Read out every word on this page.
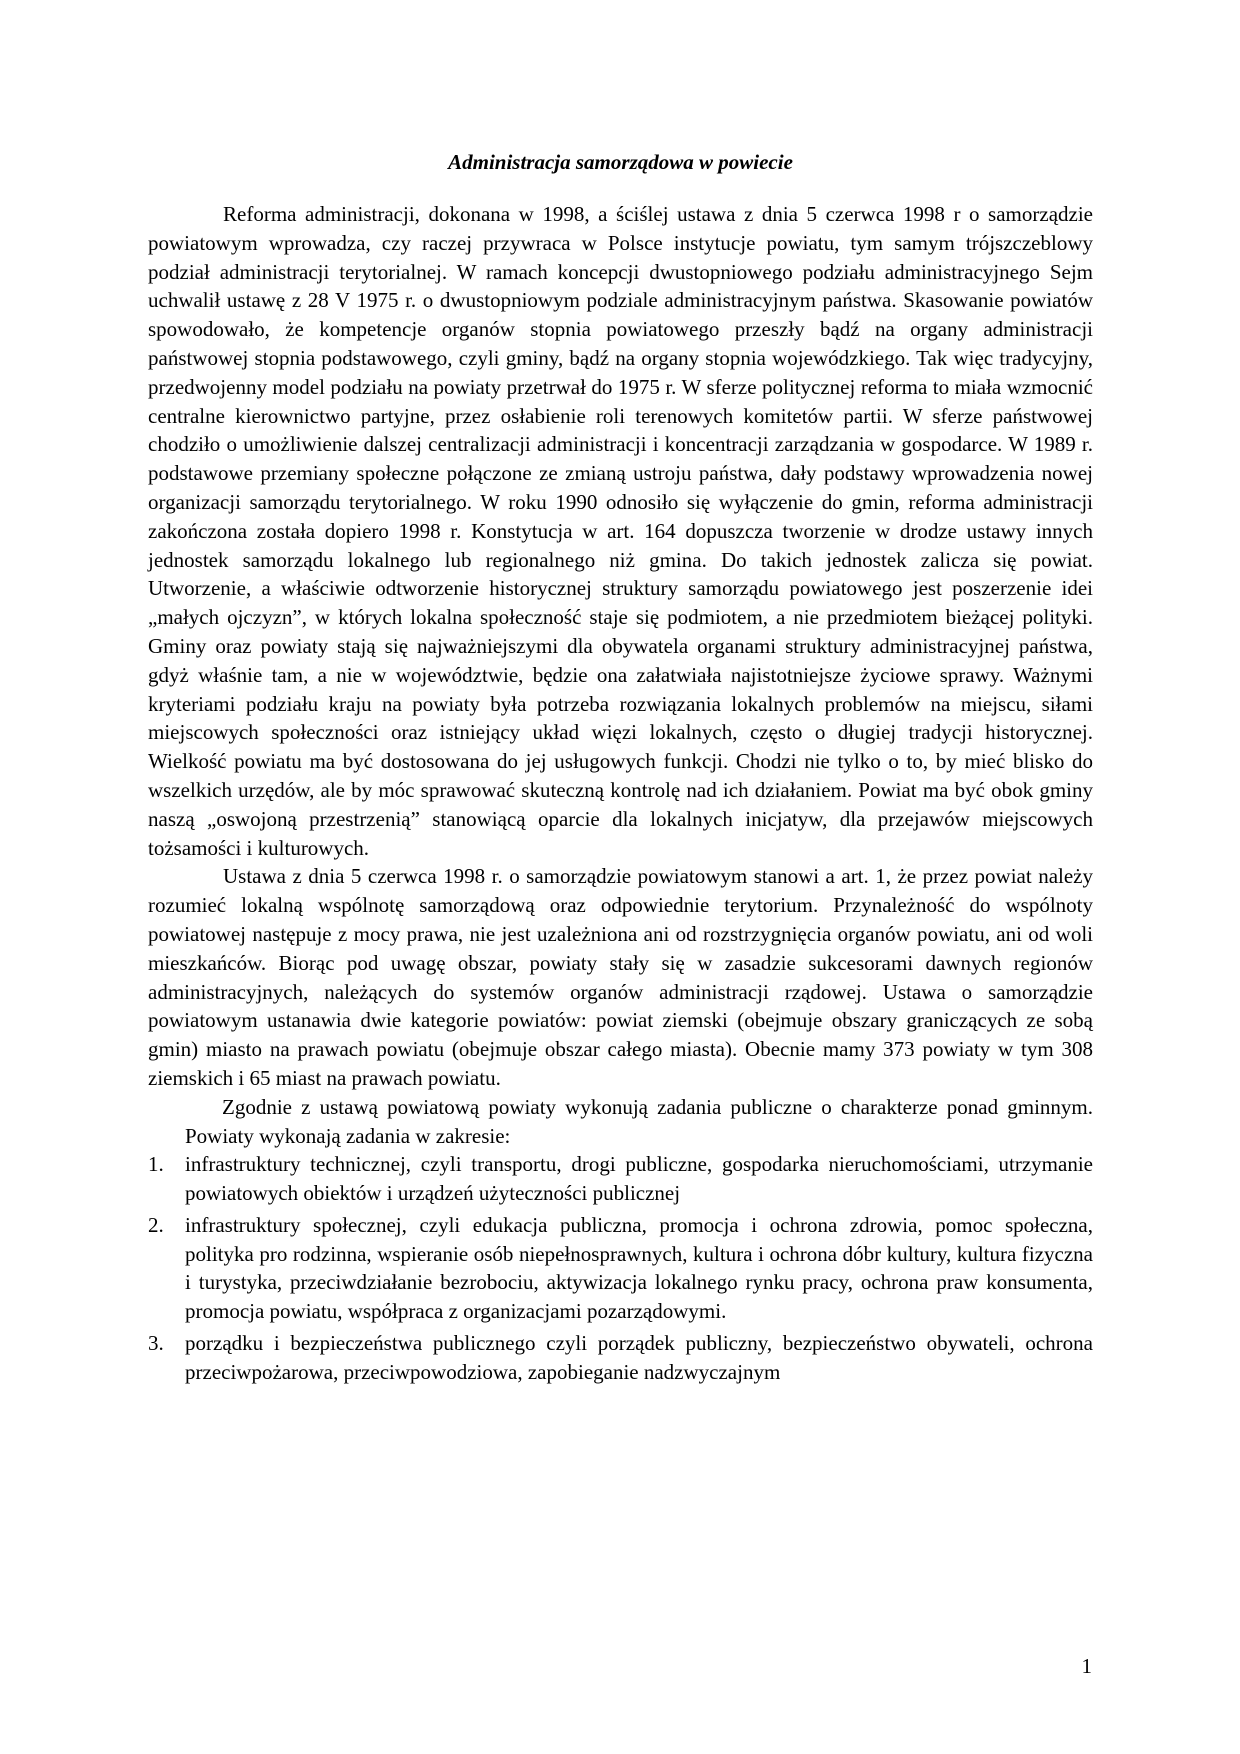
Administracja samorządowa w powiecie

Reforma administracji, dokonana w 1998, a ściślej ustawa z dnia 5 czerwca 1998 r o samorządzie powiatowym wprowadza, czy raczej przywraca w Polsce instytucje powiatu, tym samym trójszczeblowy podział administracji terytorialnej. W ramach koncepcji dwustopniowego podziału administracyjnego Sejm uchwalił ustawę z 28 V 1975 r. o dwustopniowym podziale administracyjnym państwa. Skasowanie powiatów spowodowało, że kompetencje organów stopnia powiatowego przeszły bądź na organy administracji państwowej stopnia podstawowego, czyli gminy, bądź na organy stopnia wojewódzkiego. Tak więc tradycyjny, przedwojenny model podziału na powiaty przetrwał do 1975 r. W sferze politycznej reforma to miała wzmocnić centralne kierownictwo partyjne, przez osłabienie roli terenowych komitetów partii. W sferze państwowej chodziło o umożliwienie dalszej centralizacji administracji i koncentracji zarządzania w gospodarce. W 1989 r. podstawowe przemiany społeczne połączone ze zmianą ustroju państwa, dały podstawy wprowadzenia nowej organizacji samorządu terytorialnego. W roku 1990 odnosiło się wyłączenie do gmin, reforma administracji zakończona została dopiero 1998 r. Konstytucja w art. 164 dopuszcza tworzenie w drodze ustawy innych jednostek samorządu lokalnego lub regionalnego niż gmina. Do takich jednostek zalicza się powiat. Utworzenie, a właściwie odtworzenie historycznej struktury samorządu powiatowego jest poszerzenie idei „małych ojczyzn”, w których lokalna społeczność staje się podmiotem, a nie przedmiotem bieżącej polityki. Gminy oraz powiaty stają się najważniejszymi dla obywatela organami struktury administracyjnej państwa, gdyż właśnie tam, a nie w województwie, będzie ona załatwiała najistotniejsze życiowe sprawy. Ważnymi kryteriami podziału kraju na powiaty była potrzeba rozwiązania lokalnych problemów na miejscu, siłami miejscowych społeczności oraz istniejący układ więzi lokalnych, często o długiej tradycji historycznej. Wielkość powiatu ma być dostosowana do jej usługowych funkcji. Chodzi nie tylko o to, by mieć blisko do wszelkich urzędów, ale by móc sprawować skuteczną kontrolę nad ich działaniem. Powiat ma być obok gminy naszą „oswojoną przestrzenią” stanowiącą oparcie dla lokalnych inicjatyw, dla przejawów miejscowych tożsamości i kulturowych.

Ustawa z dnia 5 czerwca 1998 r. o samorządzie powiatowym stanowi a art. 1, że przez powiat należy rozumieć lokalną wspólnotę samorządową oraz odpowiednie terytorium. Przynależność do wspólnoty powiatowej następuje z mocy prawa, nie jest uzależniona ani od rozstrzygnięcia organów powiatu, ani od woli mieszkańców. Biorąc pod uwagę obszar, powiaty stały się w zasadzie sukcesorami dawnych regionów administracyjnych, należących do systemów organów administracji rządowej. Ustawa o samorządzie powiatowym ustanawia dwie kategorie powiatów: powiat ziemski (obejmuje obszary graniczących ze sobą gmin) miasto na prawach powiatu (obejmuje obszar całego miasta). Obecnie mamy 373 powiaty w tym 308 ziemskich i 65 miast na prawach powiatu.

Zgodnie z ustawą powiatową powiaty wykonują zadania publiczne o charakterze ponad gminnym. Powiaty wykonają zadania w zakresie:

1. infrastruktury technicznej, czyli transportu, drogi publiczne, gospodarka nieruchomościami, utrzymanie powiatowych obiektów i urządzeń użyteczności publicznej
2. infrastruktury społecznej, czyli edukacja publiczna, promocja i ochrona zdrowia, pomoc społeczna, polityka pro rodzinna, wspieranie osób niepełnosprawnych, kultura i ochrona dóbr kultury, kultura fizyczna i turystyka, przeciwdziałanie bezrobociu, aktywizacja lokalnego rynku pracy, ochrona praw konsumenta, promocja powiatu, współpraca z organizacjami pozarządowymi.
3. porządku i bezpieczeństwa publicznego czyli porządek publiczny, bezpieczeństwo obywateli, ochrona przeciwpożarowa, przeciwpowodziowa, zapobieganie nadzwyczajnym
1
